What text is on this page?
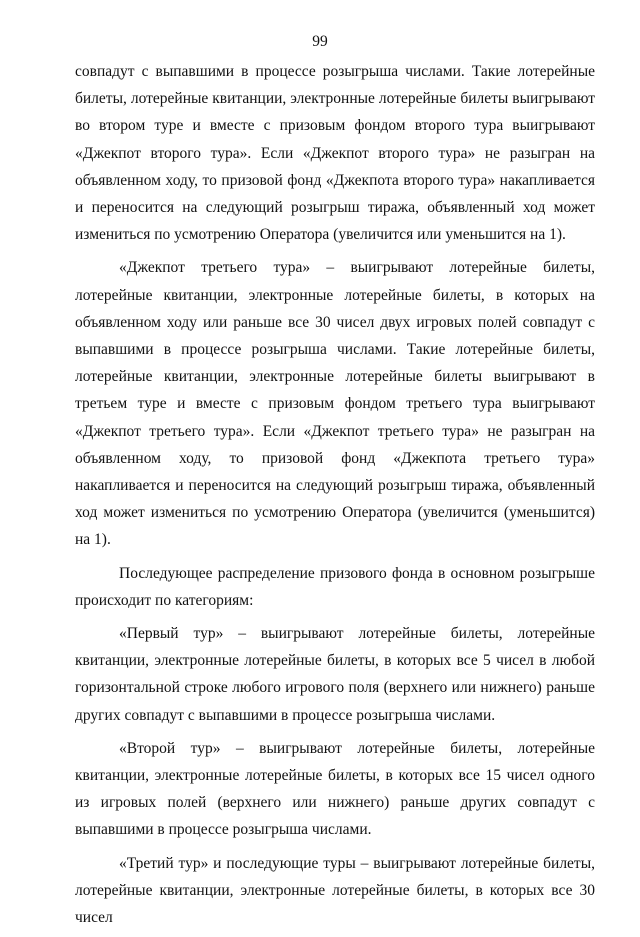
99

совпадут с выпавшими в процессе розыгрыша числами. Такие лотерейные билеты, лотерейные квитанции, электронные лотерейные билеты выигрывают во втором туре и вместе с призовым фондом второго тура выигрывают «Джекпот второго тура». Если «Джекпот второго тура» не разыгран на объявленном ходу, то призовой фонд «Джекпота второго тура» накапливается и переносится на следующий розыгрыш тиража, объявленный ход может измениться по усмотрению Оператора (увеличится или уменьшится на 1).

«Джекпот третьего тура» – выигрывают лотерейные билеты, лотерейные квитанции, электронные лотерейные билеты, в которых на объявленном ходу или раньше все 30 чисел двух игровых полей совпадут с выпавшими в процессе розыгрыша числами. Такие лотерейные билеты, лотерейные квитанции, электронные лотерейные билеты выигрывают в третьем туре и вместе с призовым фондом третьего тура выигрывают «Джекпот третьего тура». Если «Джекпот третьего тура» не разыгран на объявленном ходу, то призовой фонд «Джекпота третьего тура» накапливается и переносится на следующий розыгрыш тиража, объявленный ход может измениться по усмотрению Оператора (увеличится (уменьшится) на 1).

Последующее распределение призового фонда в основном розыгрыше происходит по категориям:

«Первый тур» – выигрывают лотерейные билеты, лотерейные квитанции, электронные лотерейные билеты, в которых все 5 чисел в любой горизонтальной строке любого игрового поля (верхнего или нижнего) раньше других совпадут с выпавшими в процессе розыгрыша числами.

«Второй тур» – выигрывают лотерейные билеты, лотерейные квитанции, электронные лотерейные билеты, в которых все 15 чисел одного из игровых полей (верхнего или нижнего) раньше других совпадут с выпавшими в процессе розыгрыша числами.

«Третий тур» и последующие туры – выигрывают лотерейные билеты, лотерейные квитанции, электронные лотерейные билеты, в которых все 30 чисел
